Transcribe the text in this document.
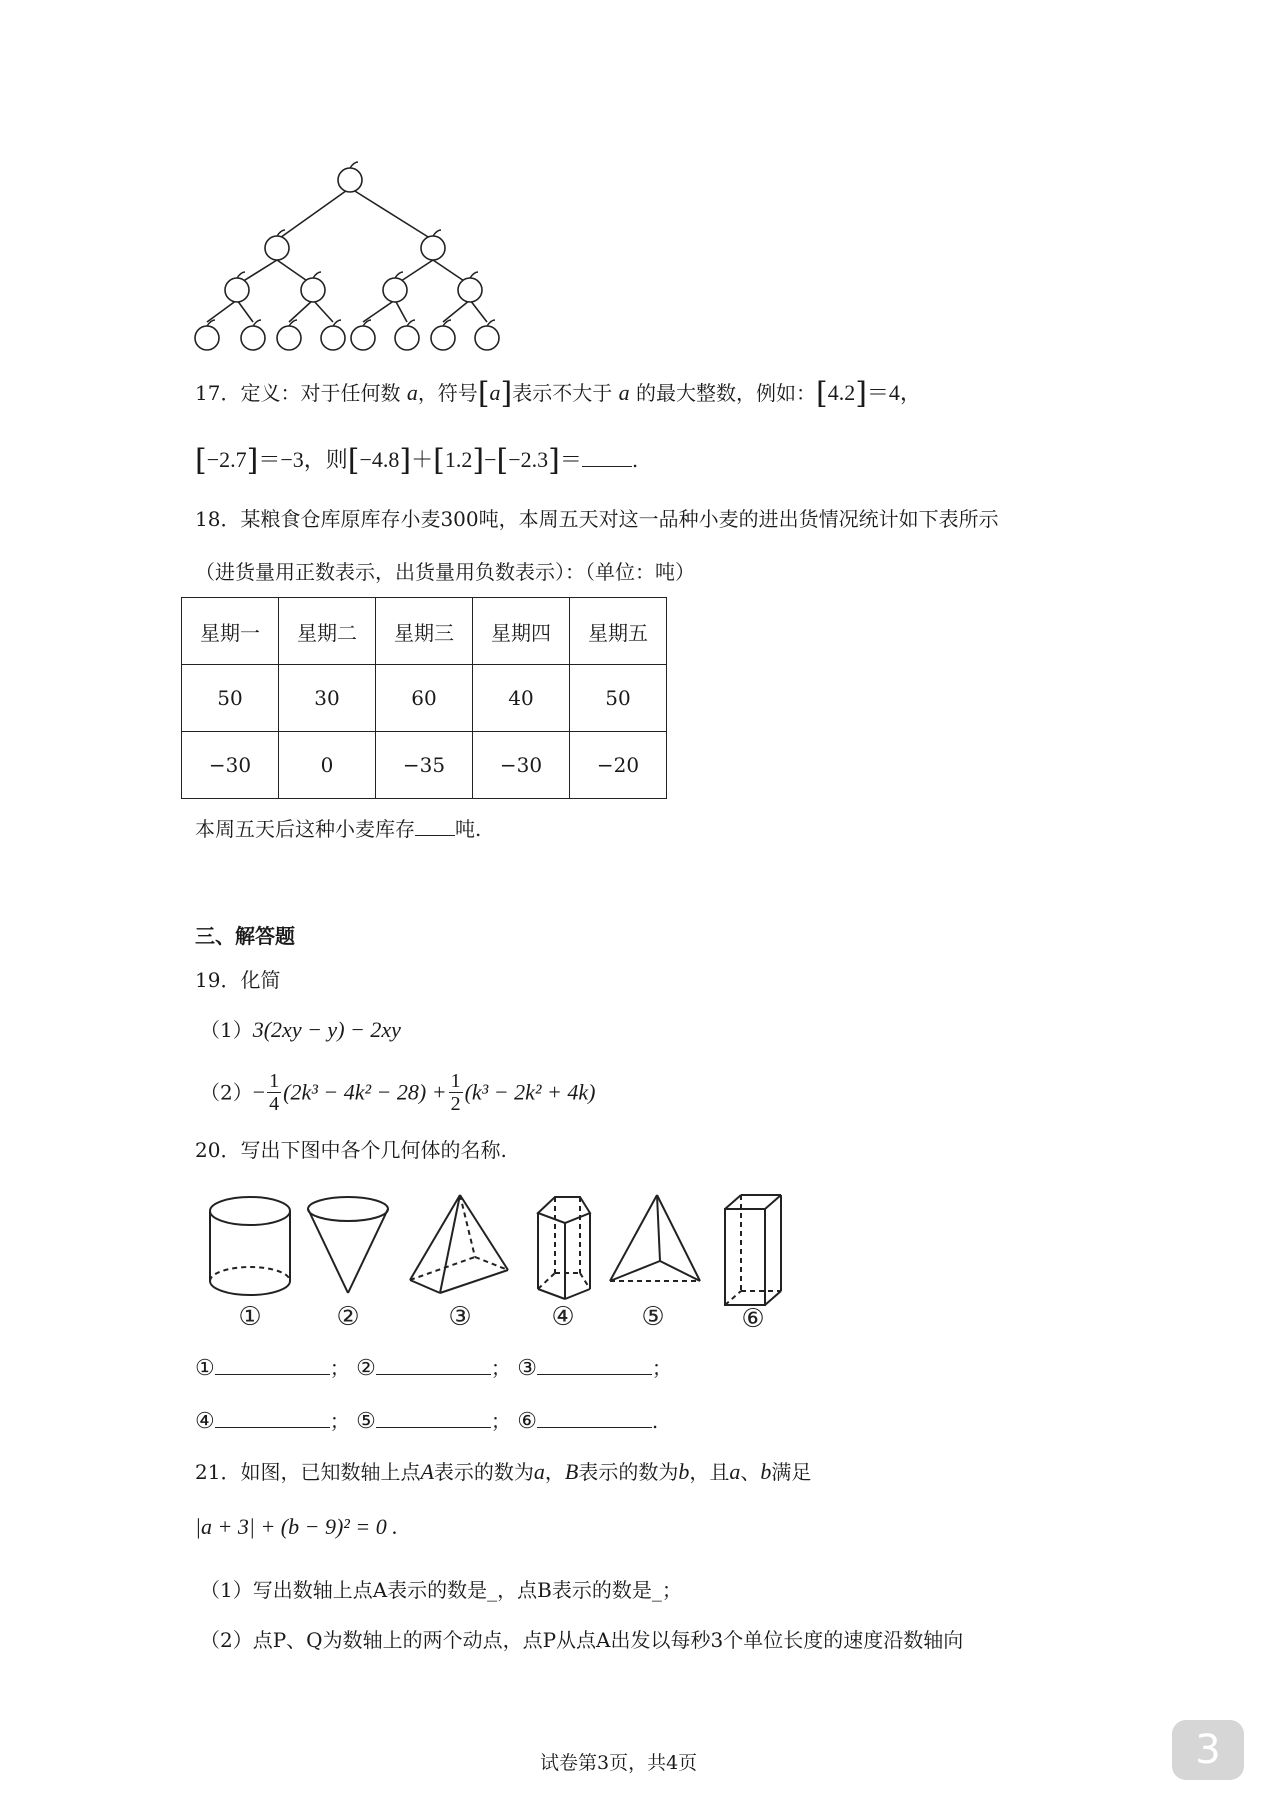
17．定义：对于任何数 a，符号[a]表示不大于 a 的最大整数，例如：[4.2]＝4，
[−2.7]＝−3，则[−4.8]＋[1.2]−[−2.3]＝	.
18．某粮食仓库原库存小麦300吨，本周五天对这一品种小麦的进出货情况统计如下表所示
（进货量用正数表示，出货量用负数表示）：（单位：吨）
星期一	星期二	星期三	星期四	星期五
50	30	60	40	50
−30	0	−35	−30	−20
本周五天后这种小麦库存 吨.
三、解答题
19．化简
（1）3(2xy − y) − 2xy
$(2)- \frac{1}{4} (2k^3 - 4k^2 - 28) + \frac{1}{2} (k^3 - 2k^2 + 4k)$
20．写出下图中各个几何体的名称.
①	②	③	④	⑤	⑥
①	； ②	； ③	；
④	； ⑤	； ⑥	.
21．如图，已知数轴上点A表示的数为a，B表示的数为b，且a、b满足
|a + 3| + (b − 9)² = 0 .
（1）写出数轴上点A表示的数是_，点B表示的数是_；
（2）点P、Q为数轴上的两个动点，点P从点A出发以每秒3个单位长度的速度沿数轴向
试卷第3页，共4页	3
